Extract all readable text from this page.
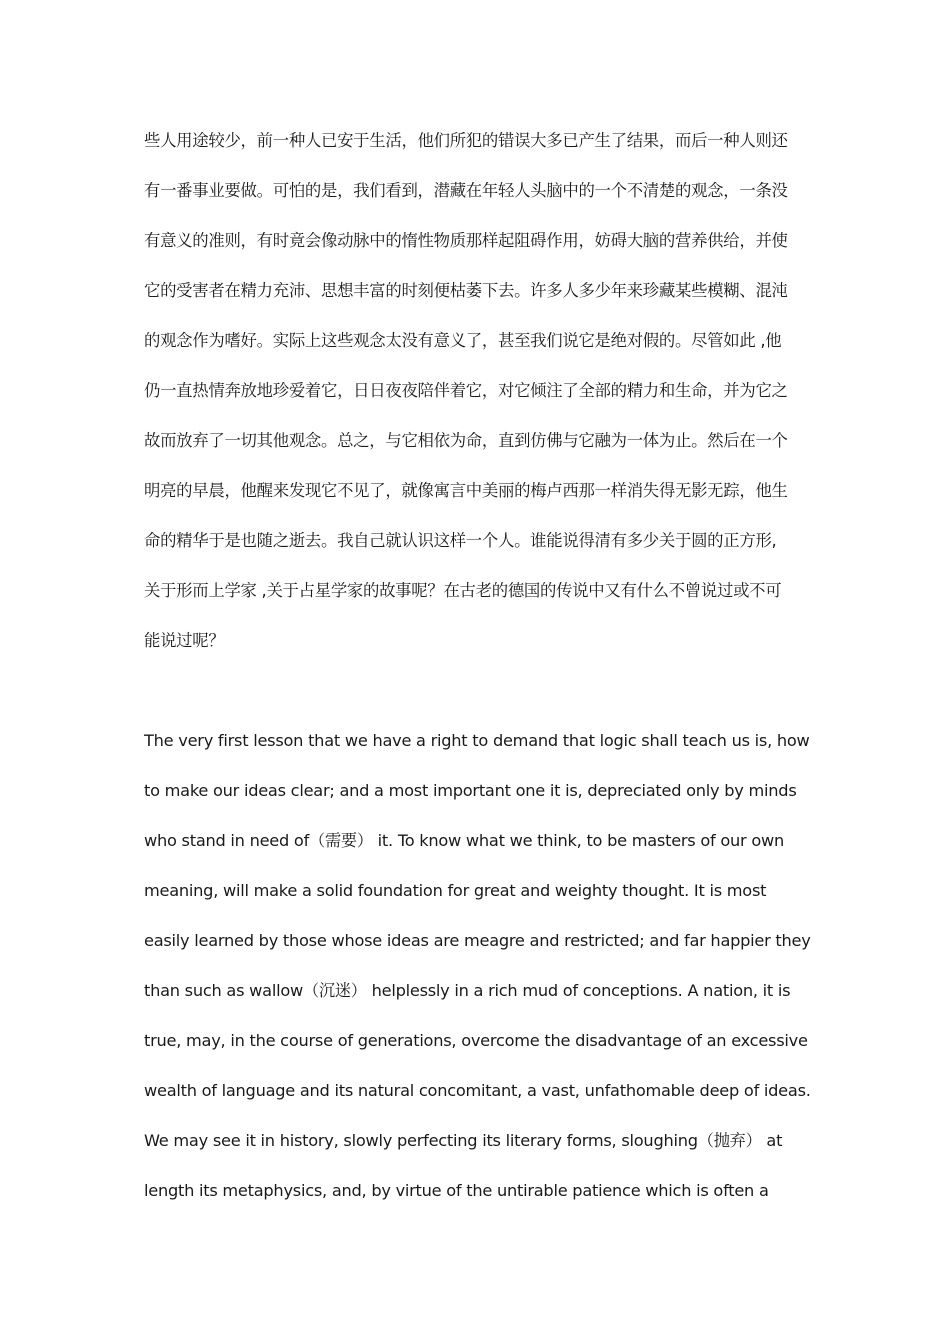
些人用途较少，前一种人已安于生活，他们所犯的错误大多已产生了结果，而后一种人则还
有一番事业要做。可怕的是，我们看到，潜藏在年轻人头脑中的一个不清楚的观念，一条没
有意义的准则，有时竟会像动脉中的惰性物质那样起阻碍作用，妨碍大脑的营养供给，并使
它的受害者在精力充沛、思想丰富的时刻便枯萎下去。许多人多少年来珍藏某些模糊、混沌
的观念作为嗜好。实际上这些观念太没有意义了，甚至我们说它是绝对假的。尽管如此 ,他
仍一直热情奔放地珍爱着它，日日夜夜陪伴着它，对它倾注了全部的精力和生命，并为它之
故而放弃了一切其他观念。总之，与它相依为命，直到仿佛与它融为一体为止。然后在一个
明亮的早晨，他醒来发现它不见了，就像寓言中美丽的梅卢西那一样消失得无影无踪，他生
命的精华于是也随之逝去。我自己就认识这样一个人。谁能说得清有多少关于圆的正方形,
关于形而上学家 ,关于占星学家的故事呢？在古老的德国的传说中又有什么不曾说过或不可
能说过呢？
The very first lesson that we have a right to demand that logic shall teach us is, how
to make our ideas clear; and a most important one it is, depreciated only by minds
who stand in need of（需要） it. To know what we think, to be masters of our own
meaning, will make a solid foundation for great and weighty thought. It is most
easily learned by those whose ideas are meagre and restricted; and far happier they
than such as wallow（沉迷） helplessly in a rich mud of conceptions. A nation, it is
true, may, in the course of generations, overcome the disadvantage of an excessive
wealth of language and its natural concomitant, a vast, unfathomable deep of ideas.
We may see it in history, slowly perfecting its literary forms, sloughing（抛弃） at
length its metaphysics, and, by virtue of the untirable patience which is often a
